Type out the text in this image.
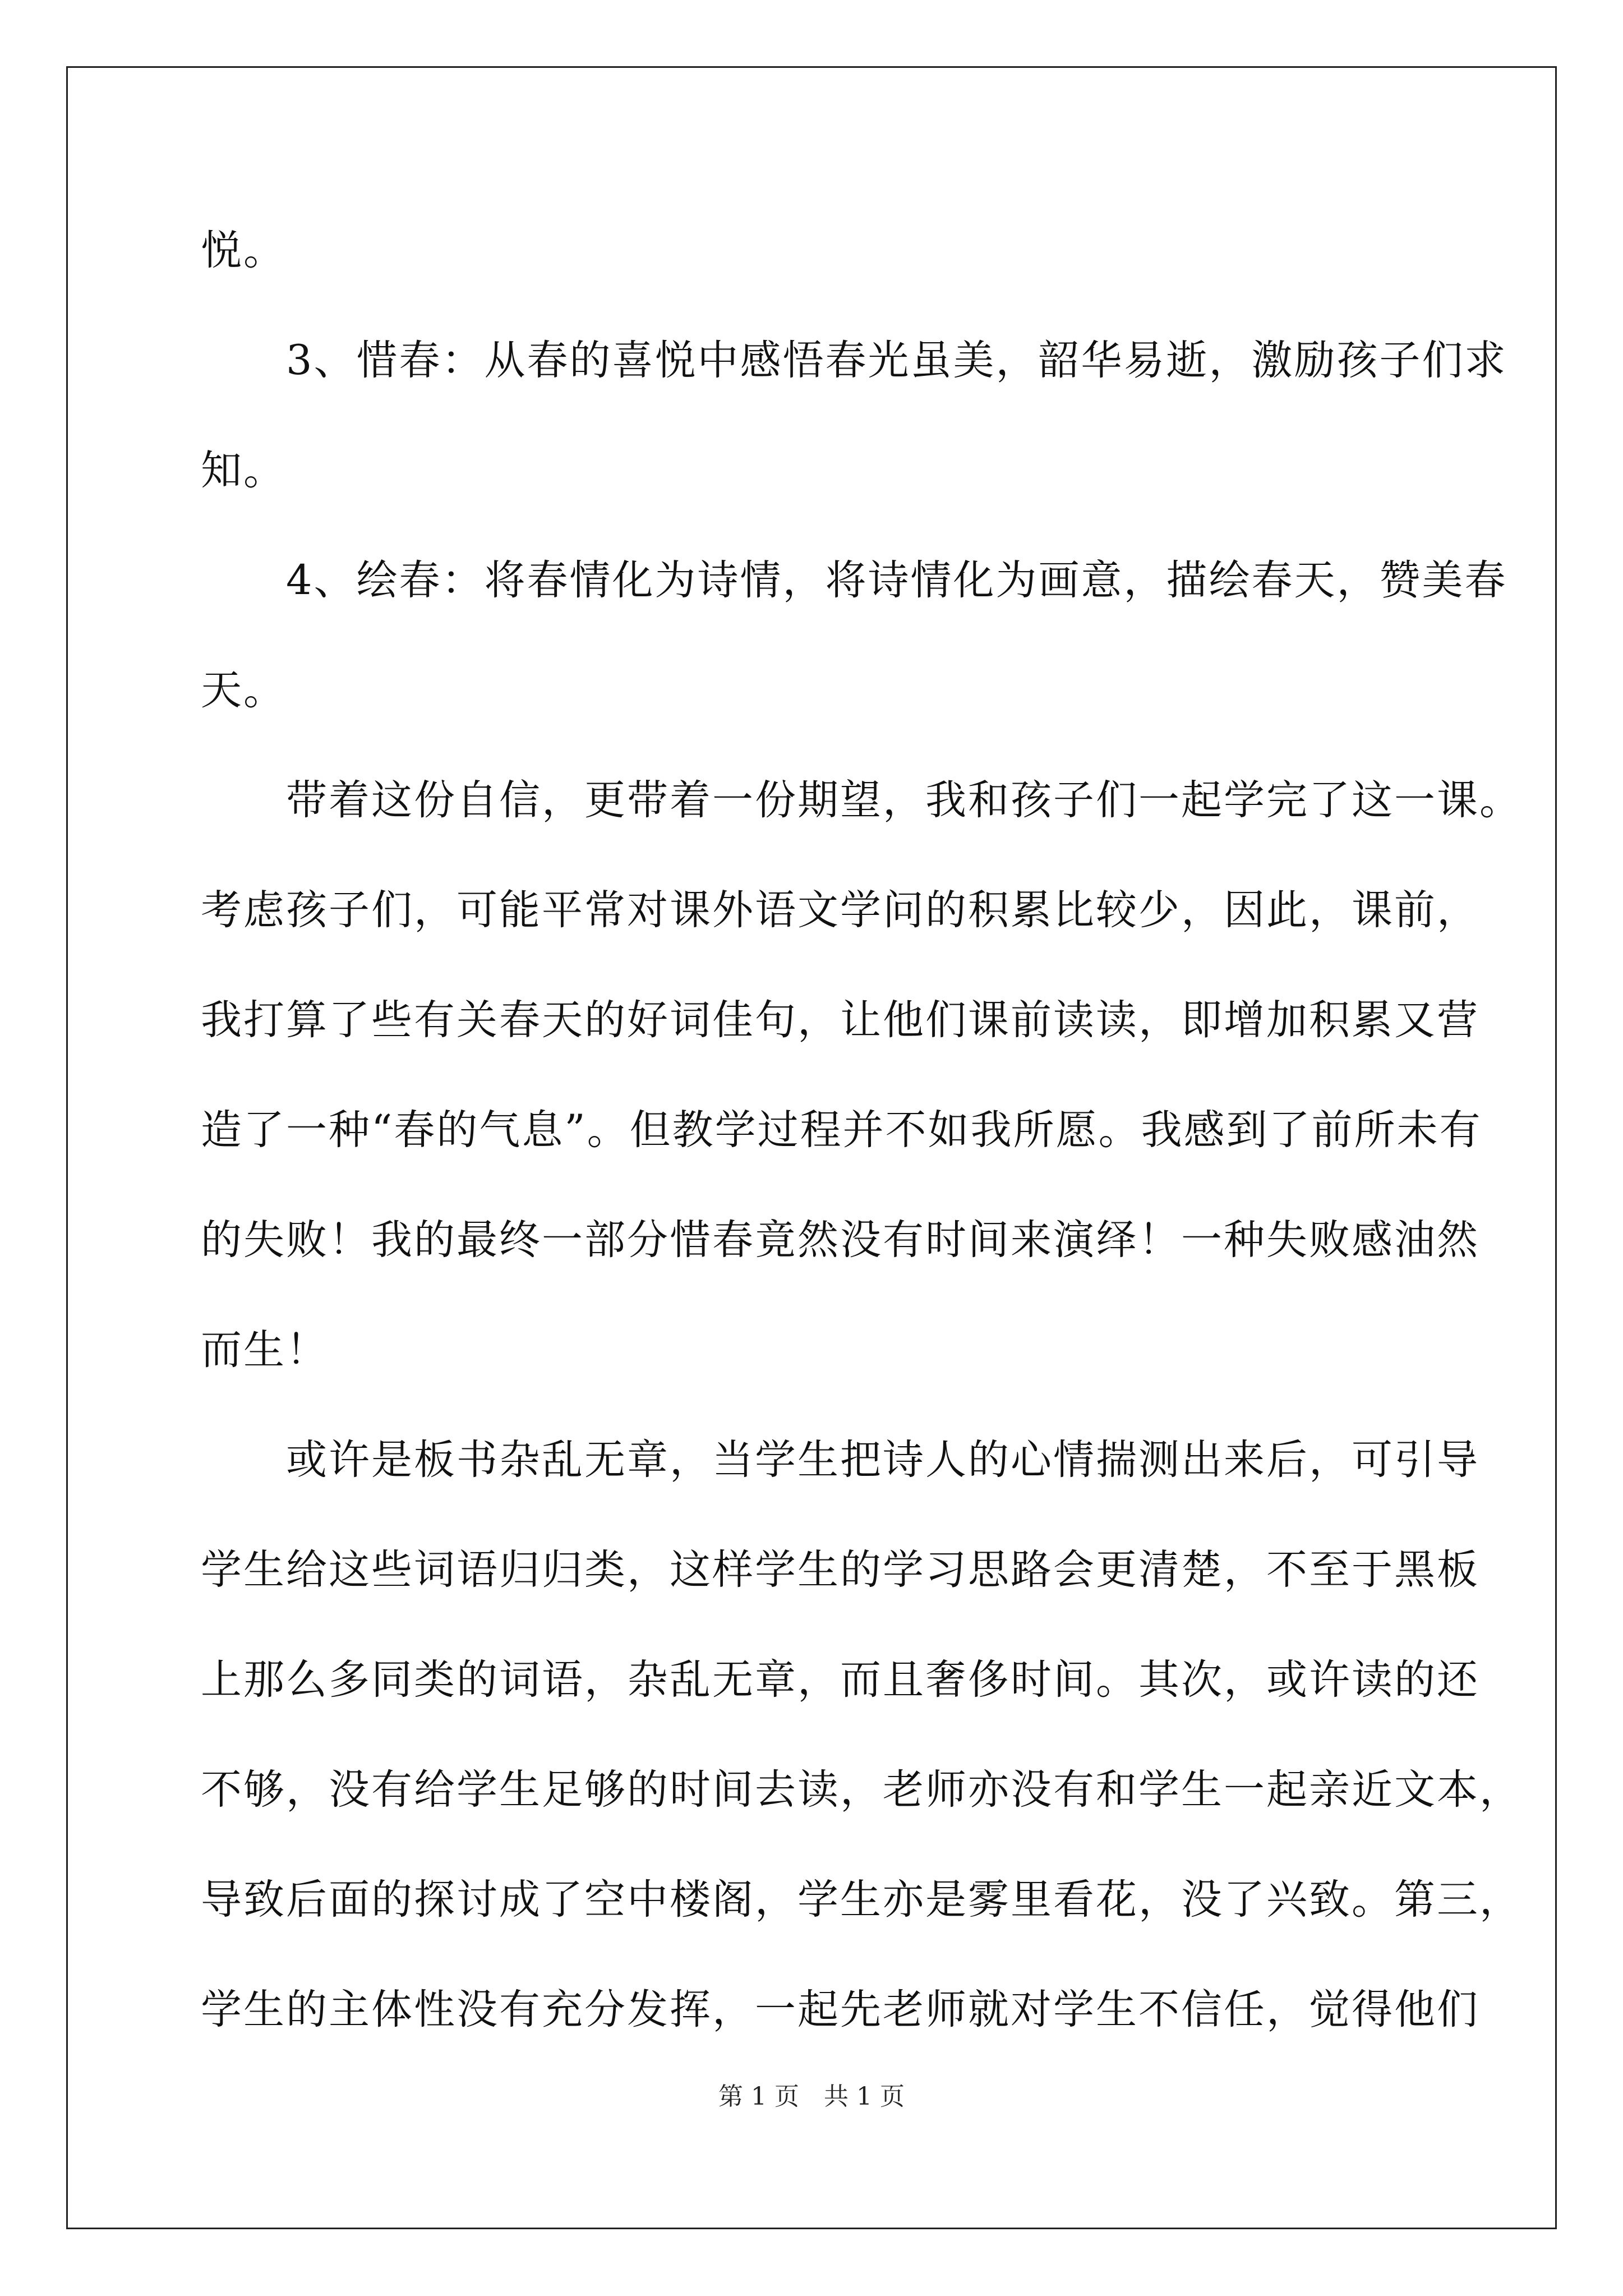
悦。
　　3、惜春：从春的喜悦中感悟春光虽美，韶华易逝，激励孩子们求
知。
　　4、绘春：将春情化为诗情，将诗情化为画意，描绘春天，赞美春
天。
　　带着这份自信，更带着一份期望，我和孩子们一起学完了这一课。
考虑孩子们，可能平常对课外语文学问的积累比较少，因此，课前，
我打算了些有关春天的好词佳句，让他们课前读读，即增加积累又营
造了一种“春的气息”。但教学过程并不如我所愿。我感到了前所未有
的失败！我的最终一部分惜春竟然没有时间来演绎！一种失败感油然
而生！
　　或许是板书杂乱无章，当学生把诗人的心情揣测出来后，可引导
学生给这些词语归归类，这样学生的学习思路会更清楚，不至于黑板
上那么多同类的词语，杂乱无章，而且奢侈时间。其次，或许读的还
不够，没有给学生足够的时间去读，老师亦没有和学生一起亲近文本，
导致后面的探讨成了空中楼阁，学生亦是雾里看花，没了兴致。第三，
学生的主体性没有充分发挥，一起先老师就对学生不信任，觉得他们
第 1 页　共 1 页
